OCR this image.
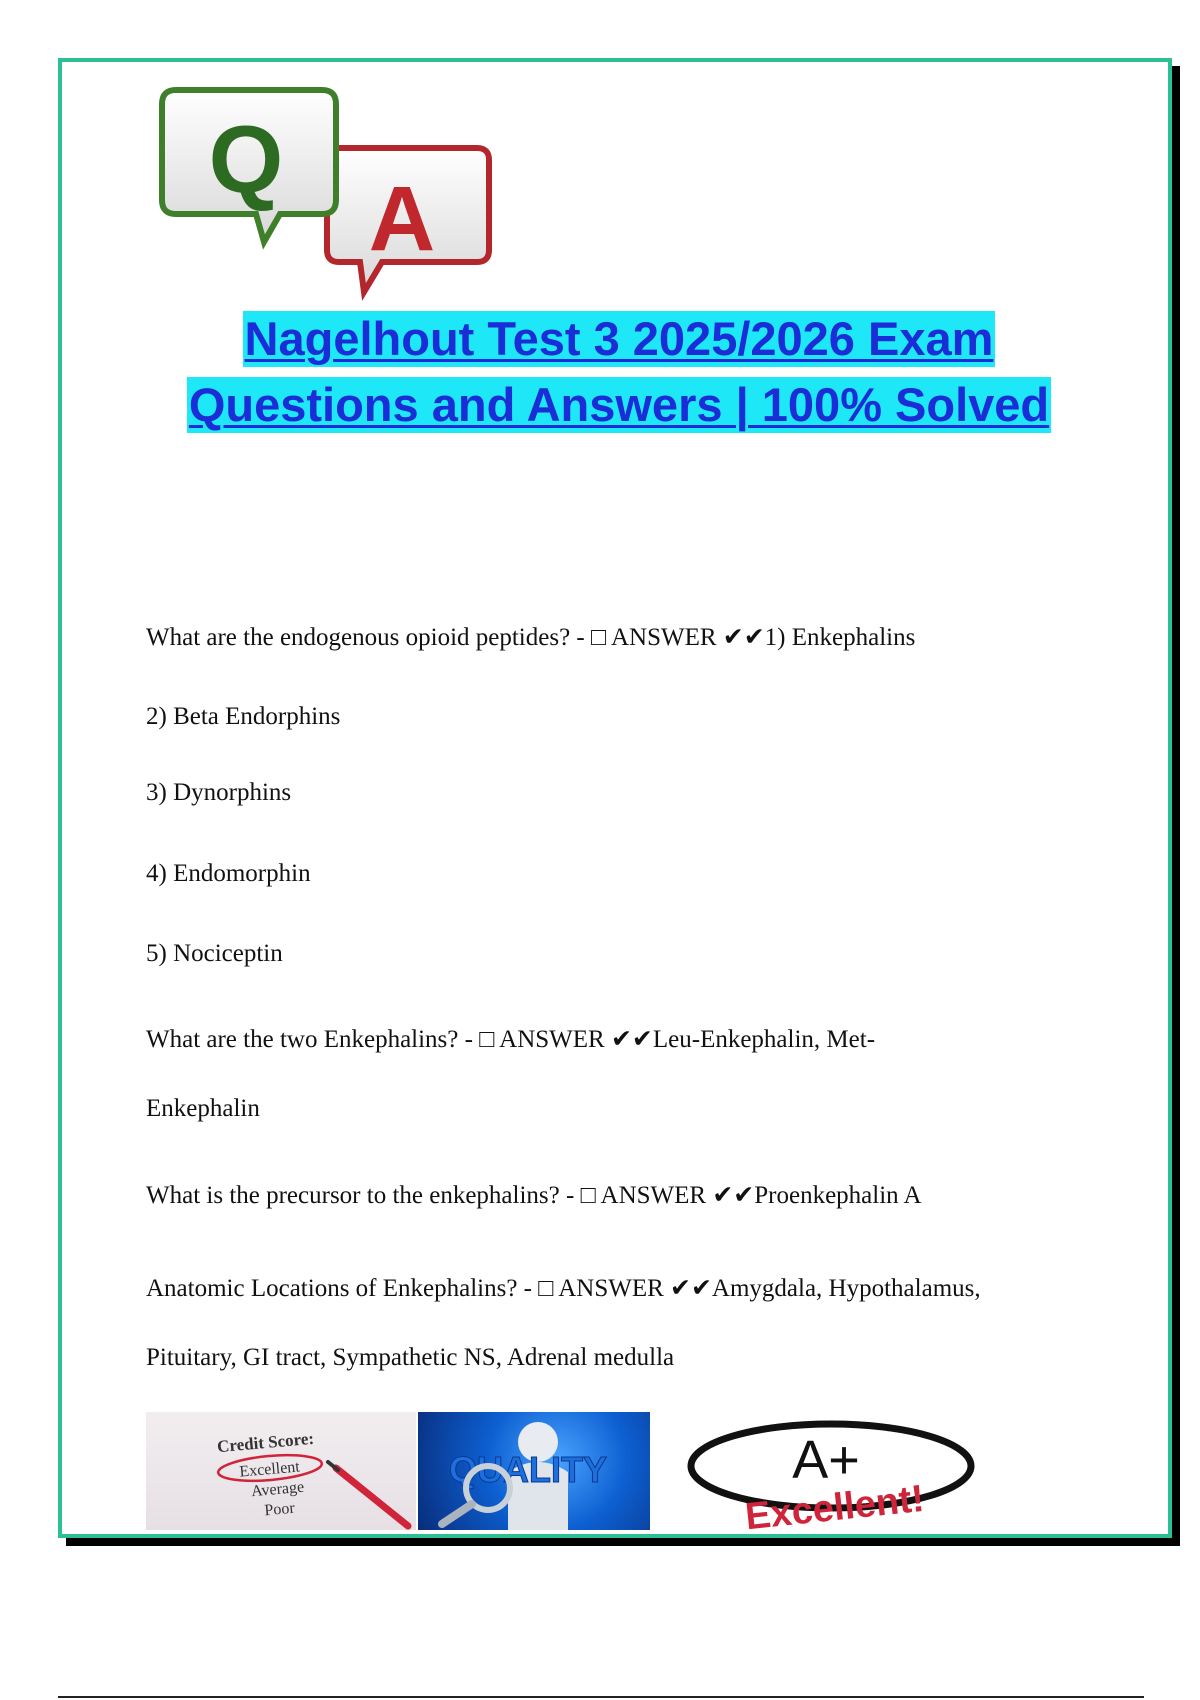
A
Q
Nagelhout Test 3 2025/2026 Exam
Questions and Answers | 100% Solved

What are the endogenous opioid peptides? - □ ANSWER ✔✔1) Enkephalins

2) Beta Endorphins

3) Dynorphins

4) Endomorphin

5) Nociceptin

What are the two Enkephalins? - □ ANSWER ✔✔Leu-Enkephalin, Met-

Enkephalin

What is the precursor to the enkephalins? - □ ANSWER ✔✔Proenkephalin A

Anatomic Locations of Enkephalins? - □ ANSWER ✔✔Amygdala, Hypothalamus,

Pituitary, GI tract, Sympathetic NS, Adrenal medulla

Credit Score:
Excellent
Average
Poor
QUALITY	A+
Excellent!
